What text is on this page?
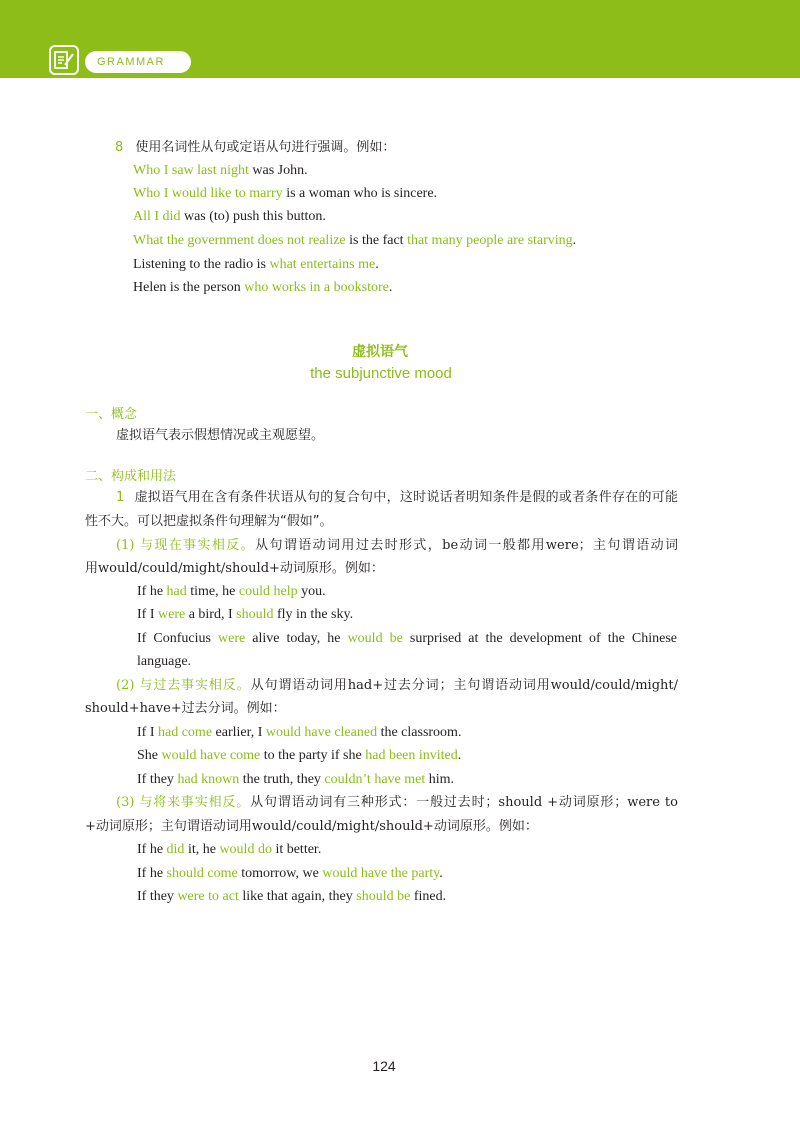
GRAMMAR
8 使用名词性从句或定语从句进行强调。例如：
Who I saw last night was John.
Who I would like to marry is a woman who is sincere.
All I did was (to) push this button.
What the government does not realize is the fact that many people are starving.
Listening to the radio is what entertains me.
Helen is the person who works in a bookstore.
虚拟语气
the subjunctive mood
一、概念
虚拟语气表示假想情况或主观愿望。
二、构成和用法
1 虚拟语气用在含有条件状语从句的复合句中，这时说话者明知条件是假的或者条件存在的可能
性不大。可以把虚拟条件句理解为“假如”。
(1) 与现在事实相反。从句谓语动词用过去时形式，be动词一般都用were；主句谓语动词
用would/could/might/should+动词原形。例如：
If he had time, he could help you.
If I were a bird, I should fly in the sky.
If Confucius were alive today, he would be surprised at the development of the Chinese
language.
(2) 与过去事实相反。从句谓语动词用had+过去分词；主句谓语动词用would/could/might/
should+have+过去分词。例如：
If I had come earlier, I would have cleaned the classroom.
She would have come to the party if she had been invited.
If they had known the truth, they couldn’t have met him.
(3) 与将来事实相反。从句谓语动词有三种形式：一般过去时；should +动词原形；were to
+动词原形；主句谓语动词用would/could/might/should+动词原形。例如：
If he did it, he would do it better.
If he should come tomorrow, we would have the party.
If they were to act like that again, they should be fined.
124
